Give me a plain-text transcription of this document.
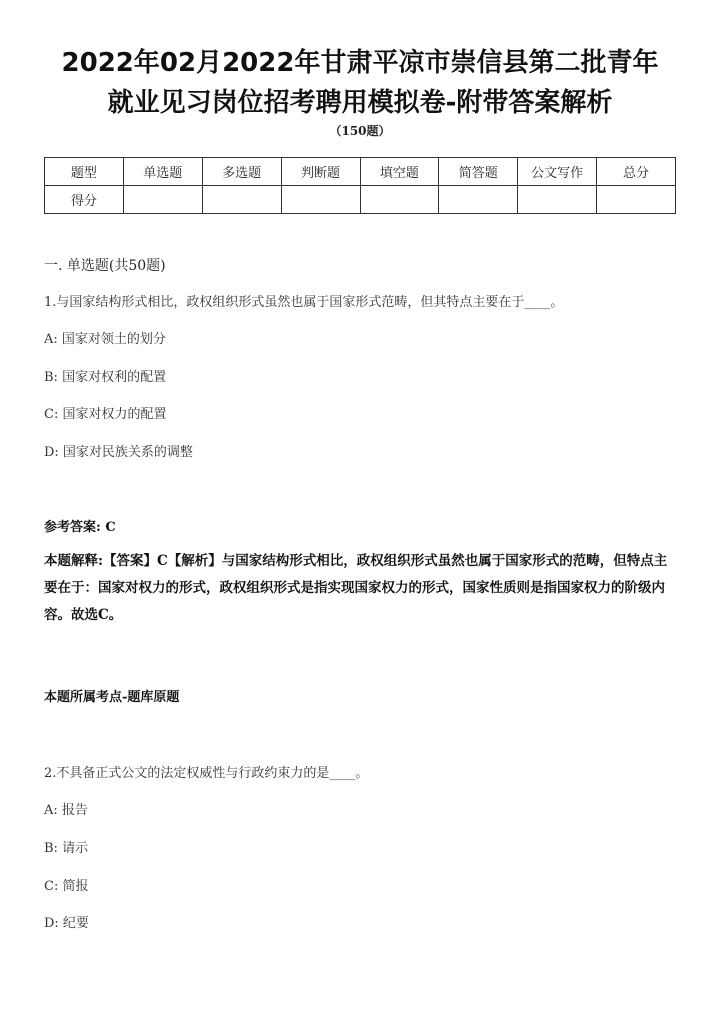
2022年02月2022年甘肃平凉市崇信县第二批青年
就业见习岗位招考聘用模拟卷-附带答案解析
（150题）
题型	单选题	多选题	判断题	填空题	简答题	公文写作	总分
得分							
一. 单选题(共50题)
1.与国家结构形式相比，政权组织形式虽然也属于国家形式范畴，但其特点主要在于____。
A: 国家对领土的划分
B: 国家对权利的配置
C: 国家对权力的配置
D: 国家对民族关系的调整
参考答案: C
本题解释:【答案】C【解析】与国家结构形式相比，政权组织形式虽然也属于国家形式的范畴，但特点主要在于：国家对权力的形式，政权组织形式是指实现国家权力的形式，国家性质则是指国家权力的阶级内容。故选C。
本题所属考点-题库原题
2.不具备正式公文的法定权威性与行政约束力的是____。
A: 报告
B: 请示
C: 简报
D: 纪要
